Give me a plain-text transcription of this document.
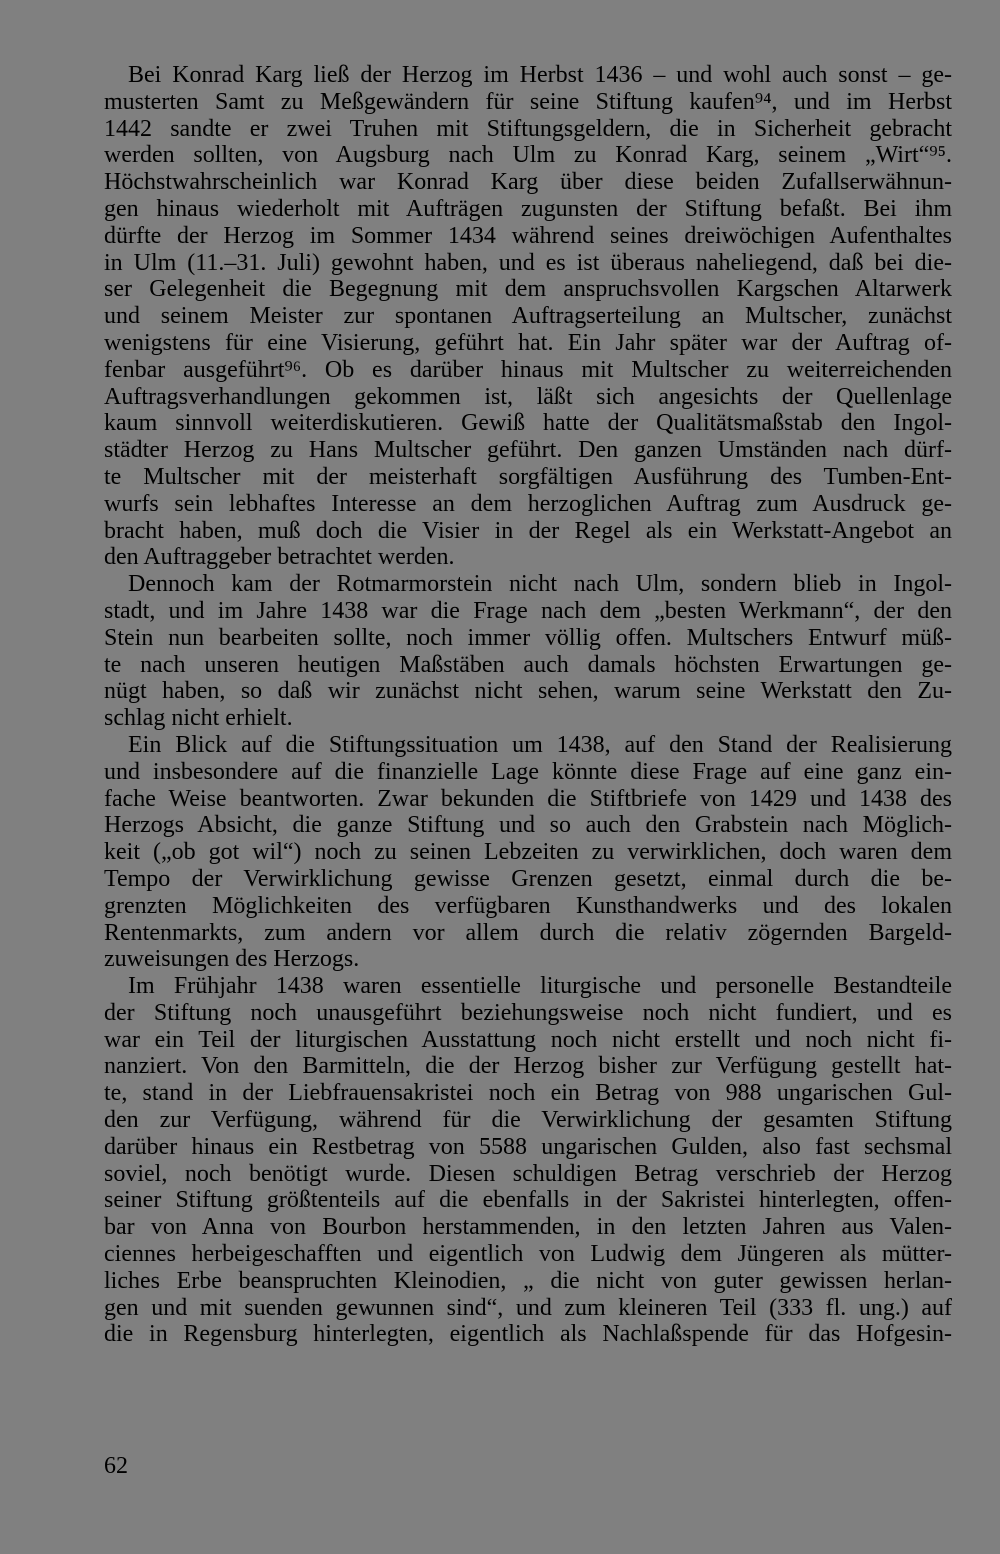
Bei Konrad Karg ließ der Herzog im Herbst 1436 – und wohl auch sonst – ge-
musterten Samt zu Meßgewändern für seine Stiftung kaufen⁹⁴, und im Herbst
1442 sandte er zwei Truhen mit Stiftungsgeldern, die in Sicherheit gebracht
werden sollten, von Augsburg nach Ulm zu Konrad Karg, seinem „Wirt“⁹⁵.
Höchstwahrscheinlich war Konrad Karg über diese beiden Zufallserwähnun-
gen hinaus wiederholt mit Aufträgen zugunsten der Stiftung befaßt. Bei ihm
dürfte der Herzog im Sommer 1434 während seines dreiwöchigen Aufenthaltes
in Ulm (11.–31. Juli) gewohnt haben, und es ist überaus naheliegend, daß bei die-
ser Gelegenheit die Begegnung mit dem anspruchsvollen Kargschen Altarwerk
und seinem Meister zur spontanen Auftragserteilung an Multscher, zunächst
wenigstens für eine Visierung, geführt hat. Ein Jahr später war der Auftrag of-
fenbar ausgeführt⁹⁶. Ob es darüber hinaus mit Multscher zu weiterreichenden
Auftragsverhandlungen gekommen ist, läßt sich angesichts der Quellenlage
kaum sinnvoll weiterdiskutieren. Gewiß hatte der Qualitätsmaßstab den Ingol-
städter Herzog zu Hans Multscher geführt. Den ganzen Umständen nach dürf-
te Multscher mit der meisterhaft sorgfältigen Ausführung des Tumben-Ent-
wurfs sein lebhaftes Interesse an dem herzoglichen Auftrag zum Ausdruck ge-
bracht haben, muß doch die Visier in der Regel als ein Werkstatt-Angebot an
den Auftraggeber betrachtet werden.
Dennoch kam der Rotmarmorstein nicht nach Ulm, sondern blieb in Ingol-
stadt, und im Jahre 1438 war die Frage nach dem „besten Werkmann“, der den
Stein nun bearbeiten sollte, noch immer völlig offen. Multschers Entwurf müß-
te nach unseren heutigen Maßstäben auch damals höchsten Erwartungen ge-
nügt haben, so daß wir zunächst nicht sehen, warum seine Werkstatt den Zu-
schlag nicht erhielt.
Ein Blick auf die Stiftungssituation um 1438, auf den Stand der Realisierung
und insbesondere auf die finanzielle Lage könnte diese Frage auf eine ganz ein-
fache Weise beantworten. Zwar bekunden die Stiftbriefe von 1429 und 1438 des
Herzogs Absicht, die ganze Stiftung und so auch den Grabstein nach Möglich-
keit („ob got wil“) noch zu seinen Lebzeiten zu verwirklichen, doch waren dem
Tempo der Verwirklichung gewisse Grenzen gesetzt, einmal durch die be-
grenzten Möglichkeiten des verfügbaren Kunsthandwerks und des lokalen
Rentenmarkts, zum andern vor allem durch die relativ zögernden Bargeld-
zuweisungen des Herzogs.
Im Frühjahr 1438 waren essentielle liturgische und personelle Bestandteile
der Stiftung noch unausgeführt beziehungsweise noch nicht fundiert, und es
war ein Teil der liturgischen Ausstattung noch nicht erstellt und noch nicht fi-
nanziert. Von den Barmitteln, die der Herzog bisher zur Verfügung gestellt hat-
te, stand in der Liebfrauensakristei noch ein Betrag von 988 ungarischen Gul-
den zur Verfügung, während für die Verwirklichung der gesamten Stiftung
darüber hinaus ein Restbetrag von 5588 ungarischen Gulden, also fast sechsmal
soviel, noch benötigt wurde. Diesen schuldigen Betrag verschrieb der Herzog
seiner Stiftung größtenteils auf die ebenfalls in der Sakristei hinterlegten, offen-
bar von Anna von Bourbon herstammenden, in den letzten Jahren aus Valen-
ciennes herbeigeschafften und eigentlich von Ludwig dem Jüngeren als mütter-
liches Erbe beanspruchten Kleinodien, „ die nicht von guter gewissen herlan-
gen und mit suenden gewunnen sind“, und zum kleineren Teil (333 fl. ung.) auf
die in Regensburg hinterlegten, eigentlich als Nachlaßspende für das Hofgesin-
62
